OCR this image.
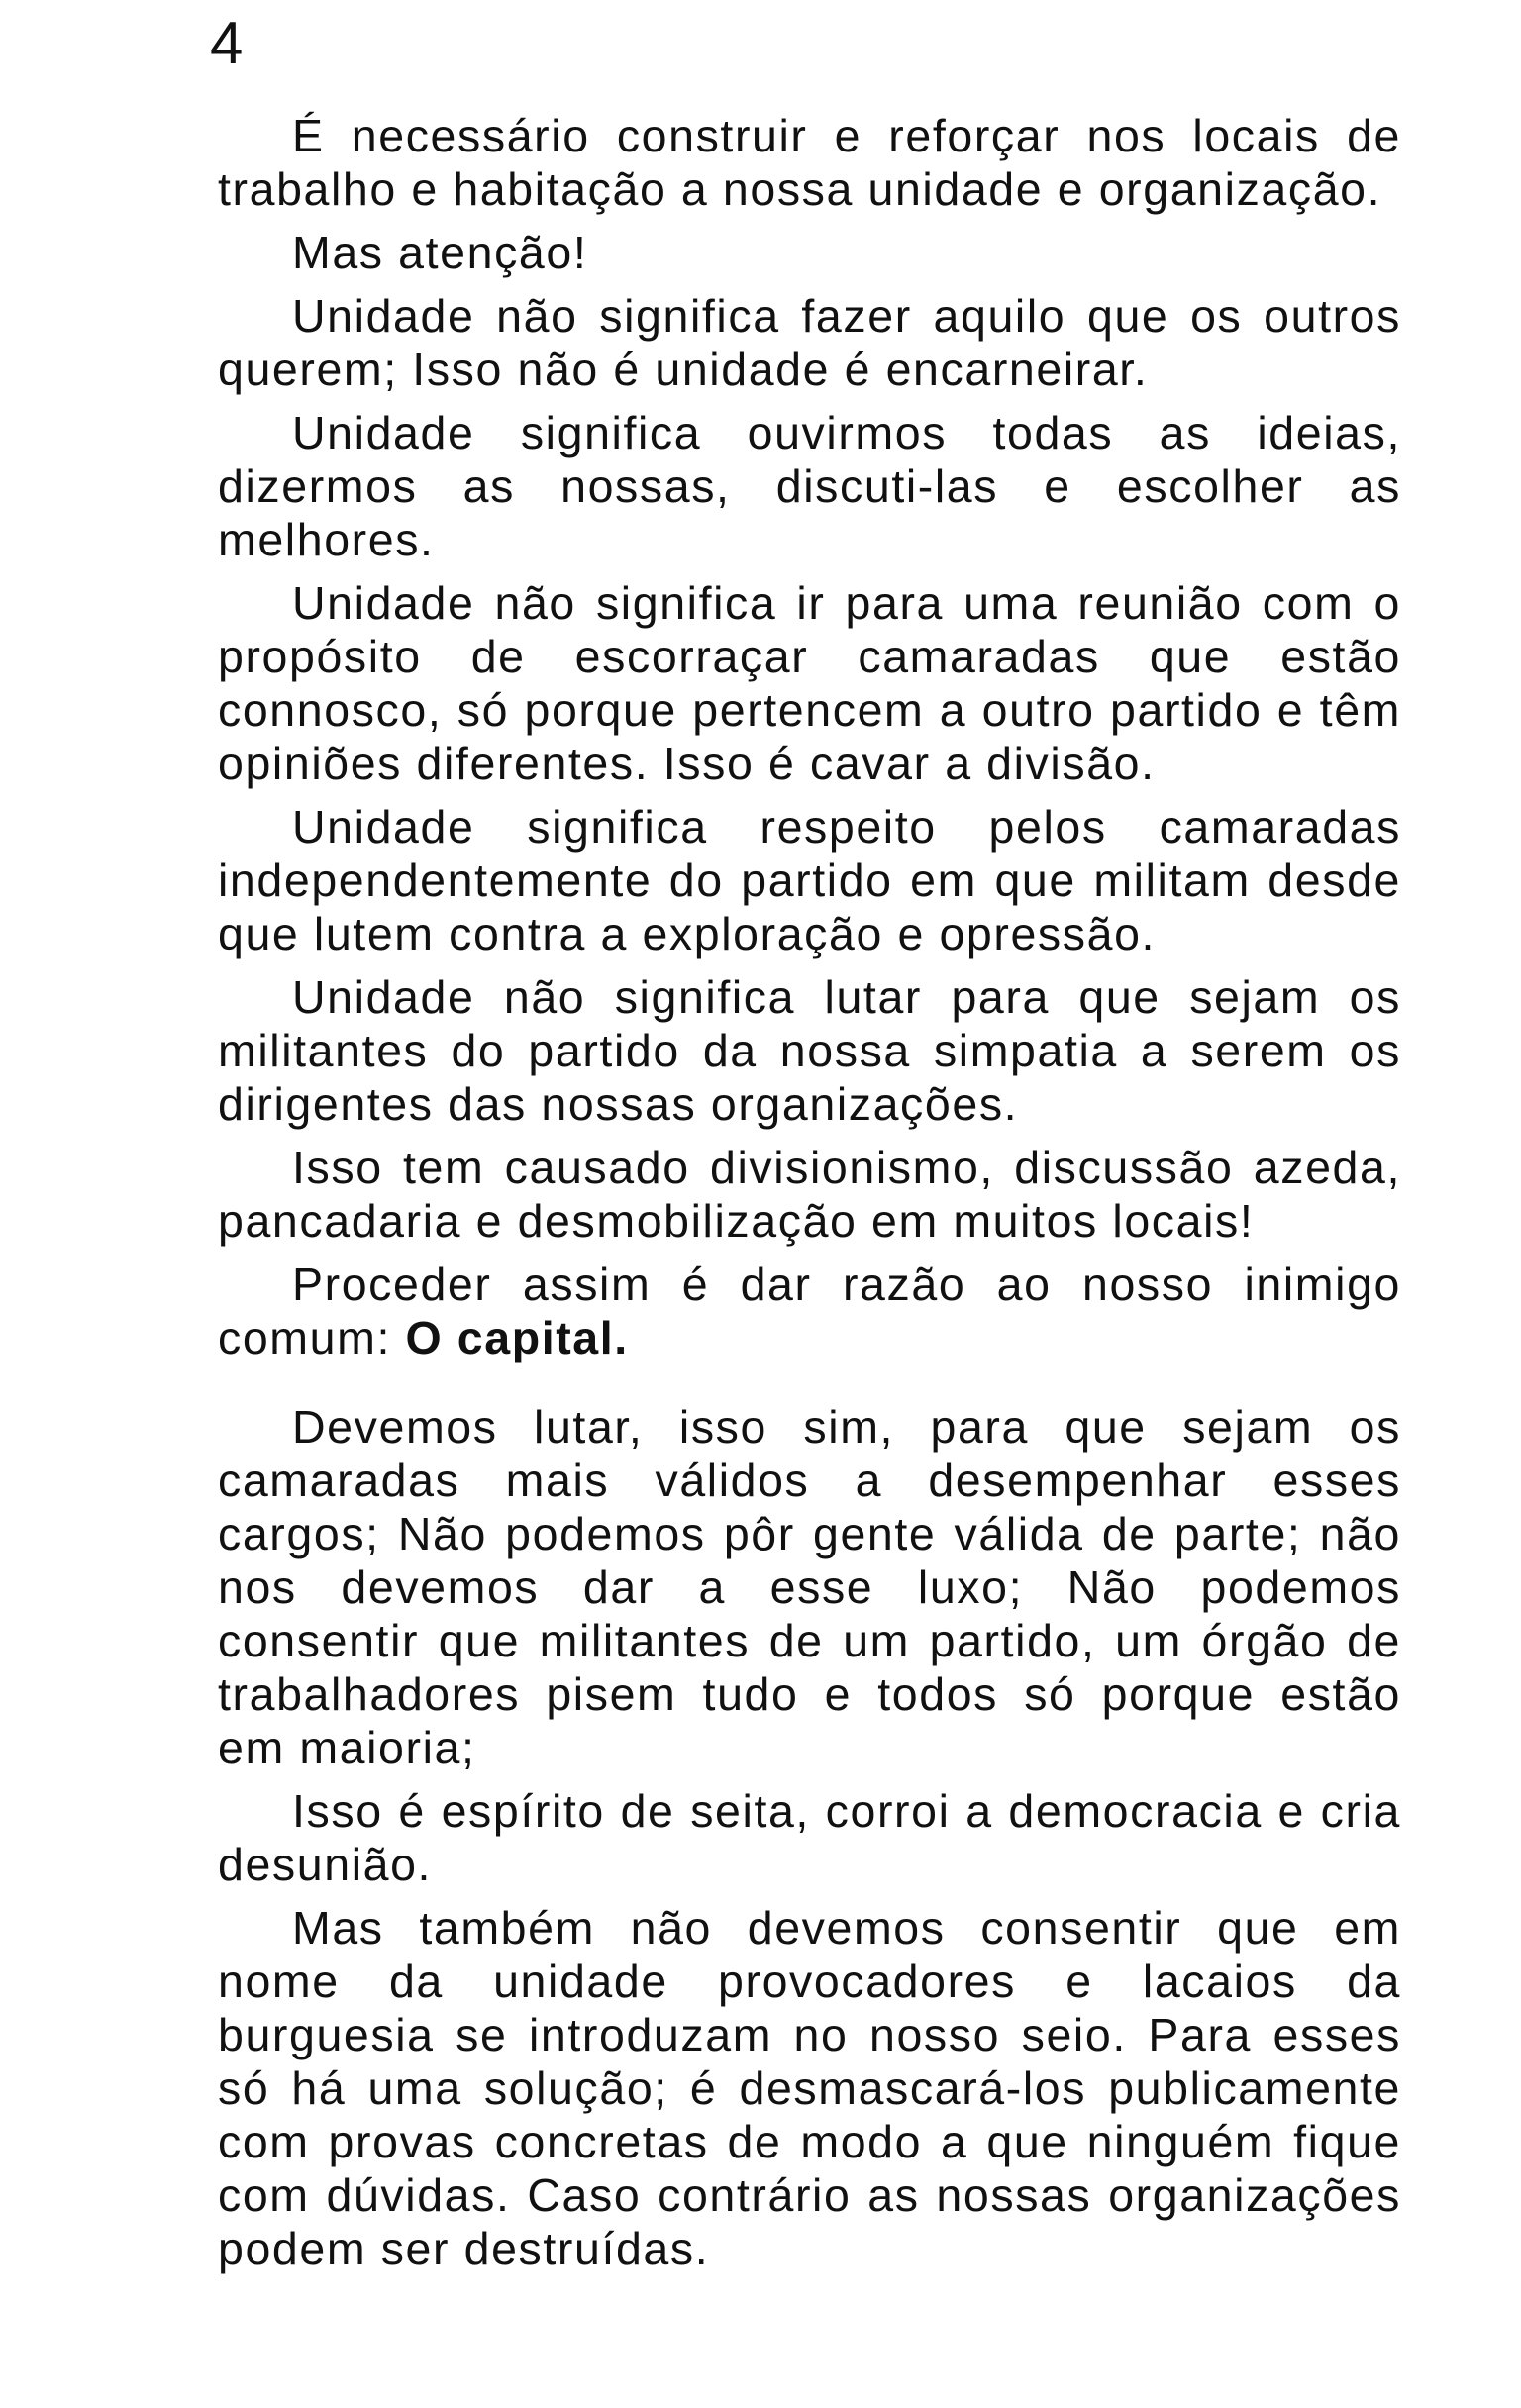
4

É necessário construir e reforçar nos locais de trabalho e habitação a nossa unidade e organização.

Mas atenção!

Unidade não significa fazer aquilo que os outros querem; Isso não é unidade é encarneirar.

Unidade significa ouvirmos todas as ideias, dizermos as nossas, discuti-las e escolher as melhores.

Unidade não significa ir para uma reunião com o propósito de escorraçar camaradas que estão connosco, só porque pertencem a outro partido e têm opiniões diferentes. Isso é cavar a divisão.

Unidade significa respeito pelos camaradas independentemente do partido em que militam desde que lutem contra a exploração e opressão.

Unidade não significa lutar para que sejam os militantes do partido da nossa simpatia a serem os dirigentes das nossas organizações.

Isso tem causado divisionismo, discussão azeda, pancadaria e desmobilização em muitos locais!

Proceder assim é dar razão ao nosso inimigo comum: O capital.

Devemos lutar, isso sim, para que sejam os camaradas mais válidos a desempenhar esses cargos; Não podemos pôr gente válida de parte; não nos devemos dar a esse luxo; Não podemos consentir que militantes de um partido, um órgão de trabalhadores pisem tudo e todos só porque estão em maioria;

Isso é espírito de seita, corroi a democracia e cria desunião.

Mas também não devemos consentir que em nome da unidade provocadores e lacaios da burguesia se introduzam no nosso seio. Para esses só há uma solução; é desmascará-los publicamente com provas concretas de modo a que ninguém fique com dúvidas. Caso contrário as nossas organizações podem ser destruídas.
